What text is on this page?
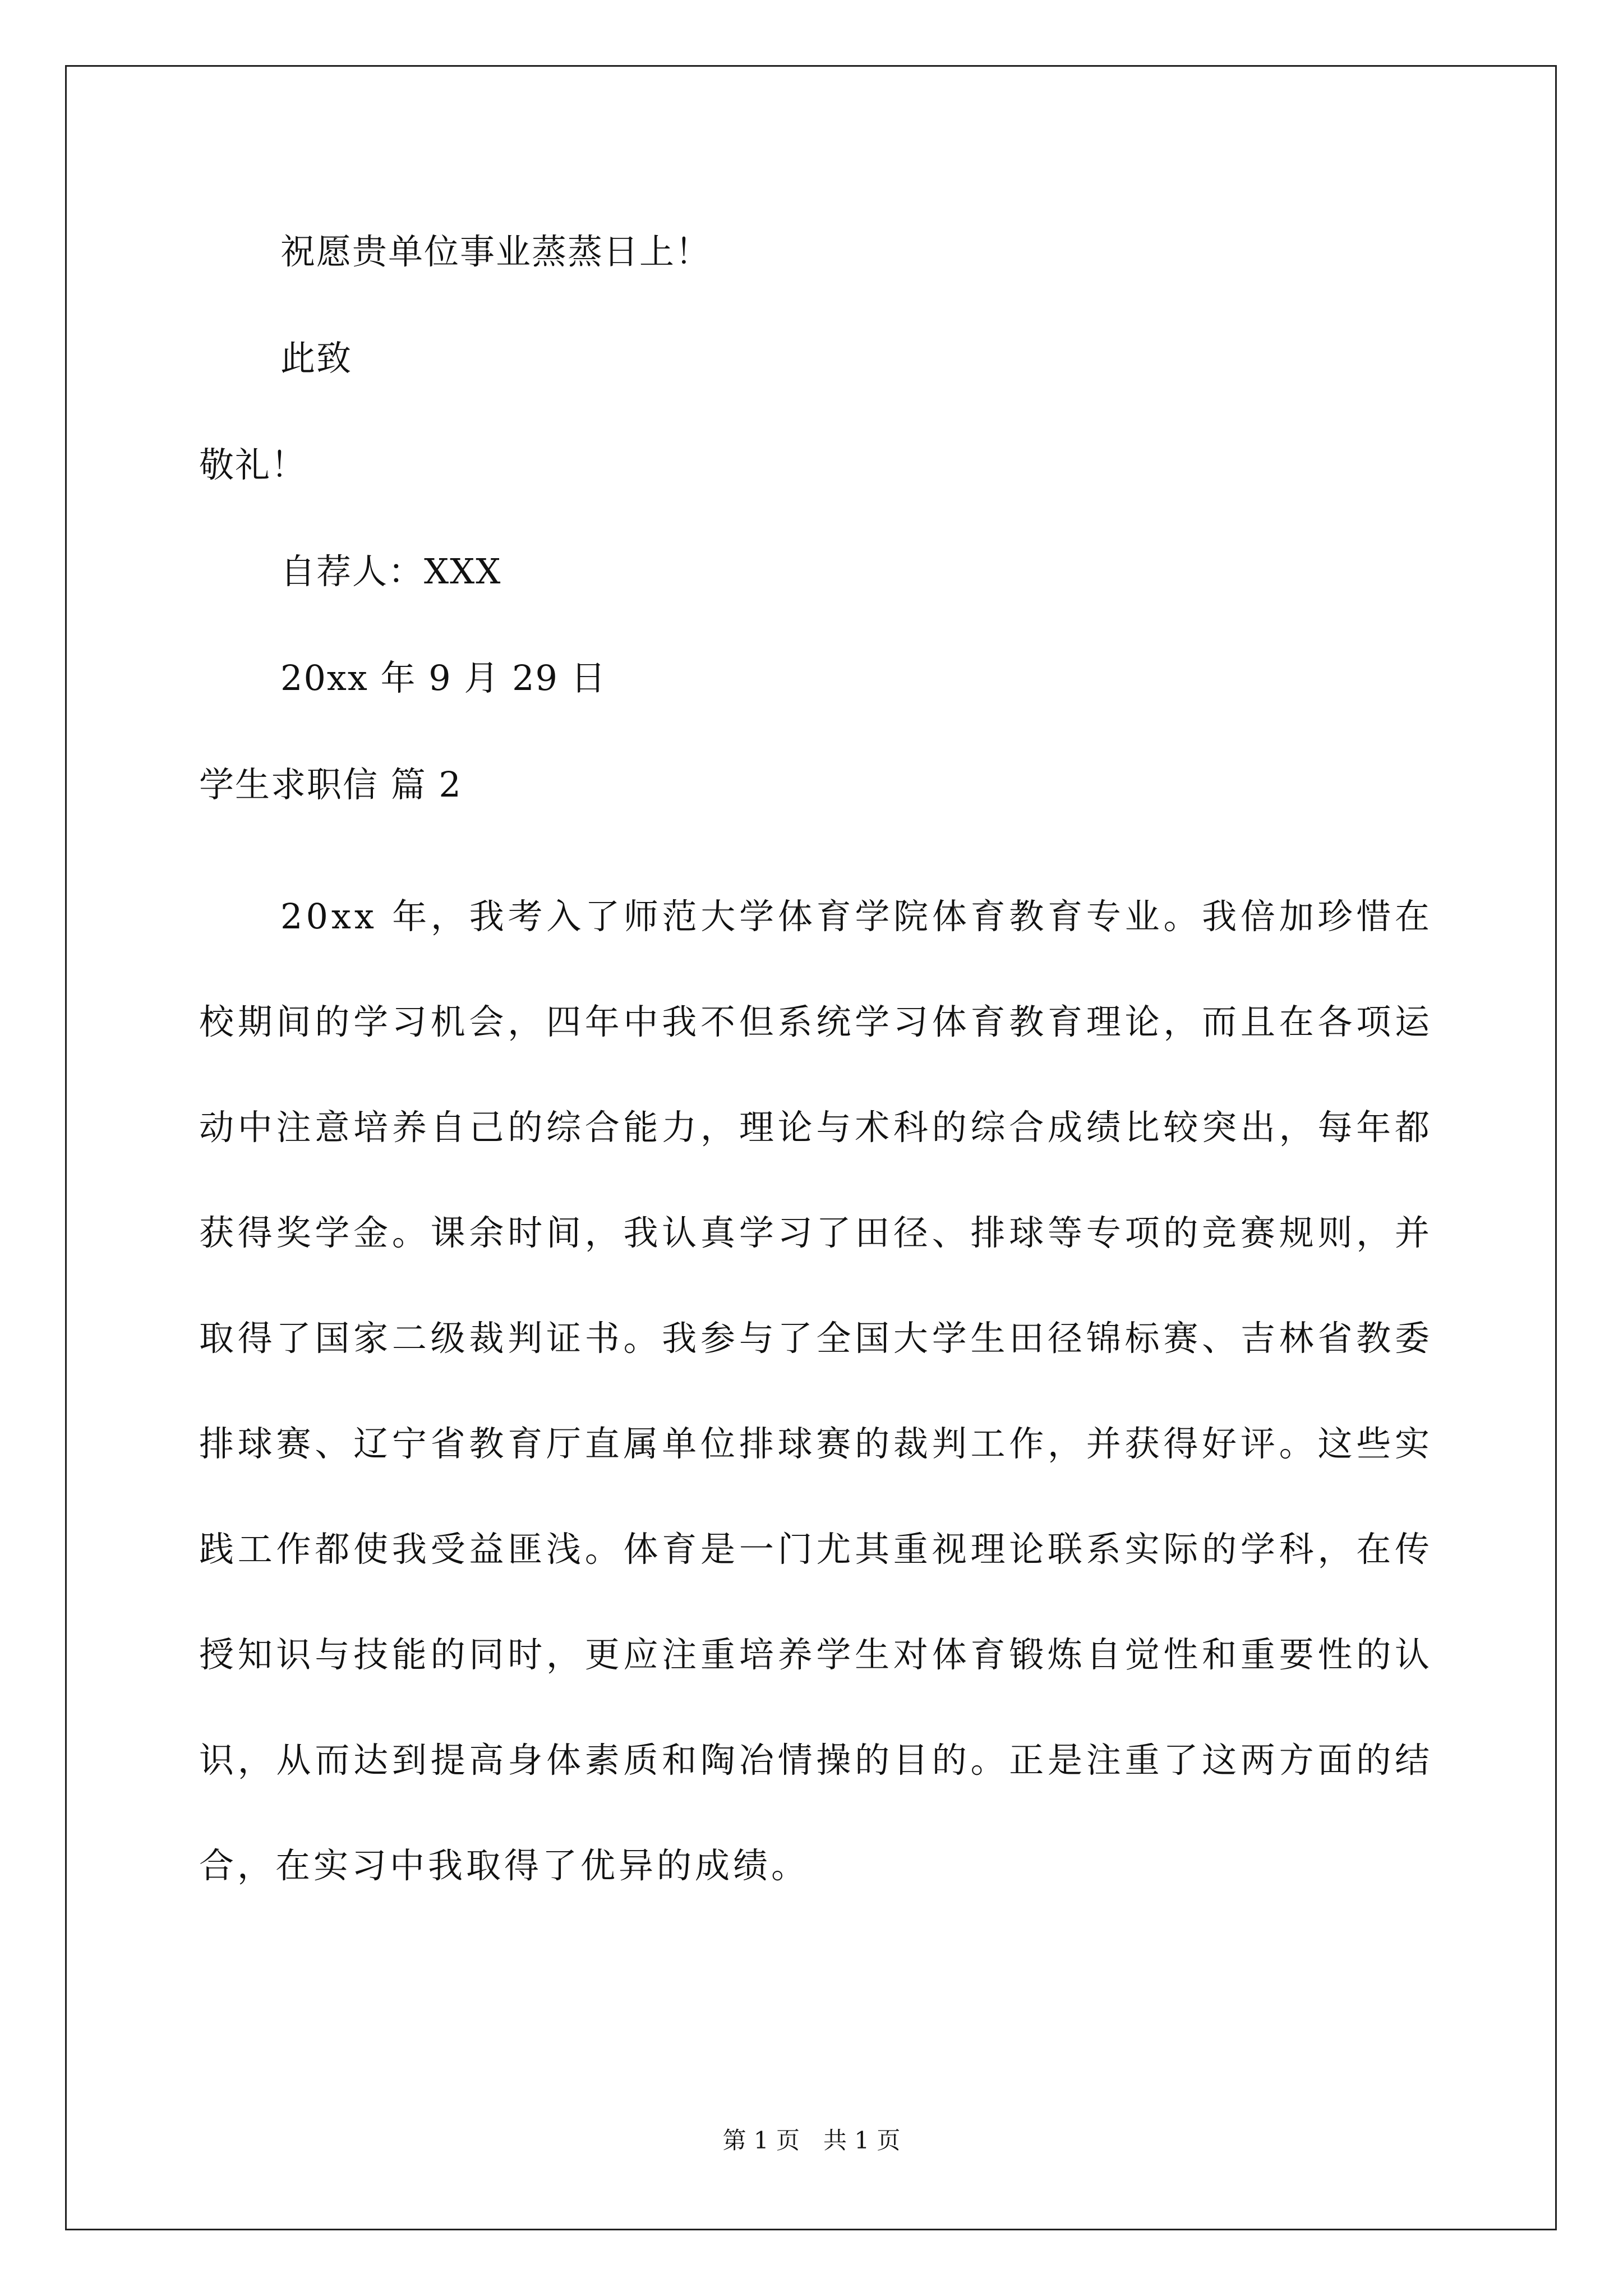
祝愿贵单位事业蒸蒸日上！
此致
敬礼！
自荐人：XXX
20xx 年 9 月 29 日
学生求职信 篇 2

20xx 年，我考入了师范大学体育学院体育教育专业。我倍加珍惜在校期间的学习机会，四年中我不但系统学习体育教育理论，而且在各项运动中注意培养自己的综合能力，理论与术科的综合成绩比较突出，每年都获得奖学金。课余时间，我认真学习了田径、排球等专项的竞赛规则，并取得了国家二级裁判证书。我参与了全国大学生田径锦标赛、吉林省教委排球赛、辽宁省教育厅直属单位排球赛的裁判工作，并获得好评。这些实践工作都使我受益匪浅。体育是一门尤其重视理论联系实际的学科，在传授知识与技能的同时，更应注重培养学生对体育锻炼自觉性和重要性的认识，从而达到提高身体素质和陶冶情操的目的。正是注重了这两方面的结合，在实习中我取得了优异的成绩。

第 1 页　共 1 页
